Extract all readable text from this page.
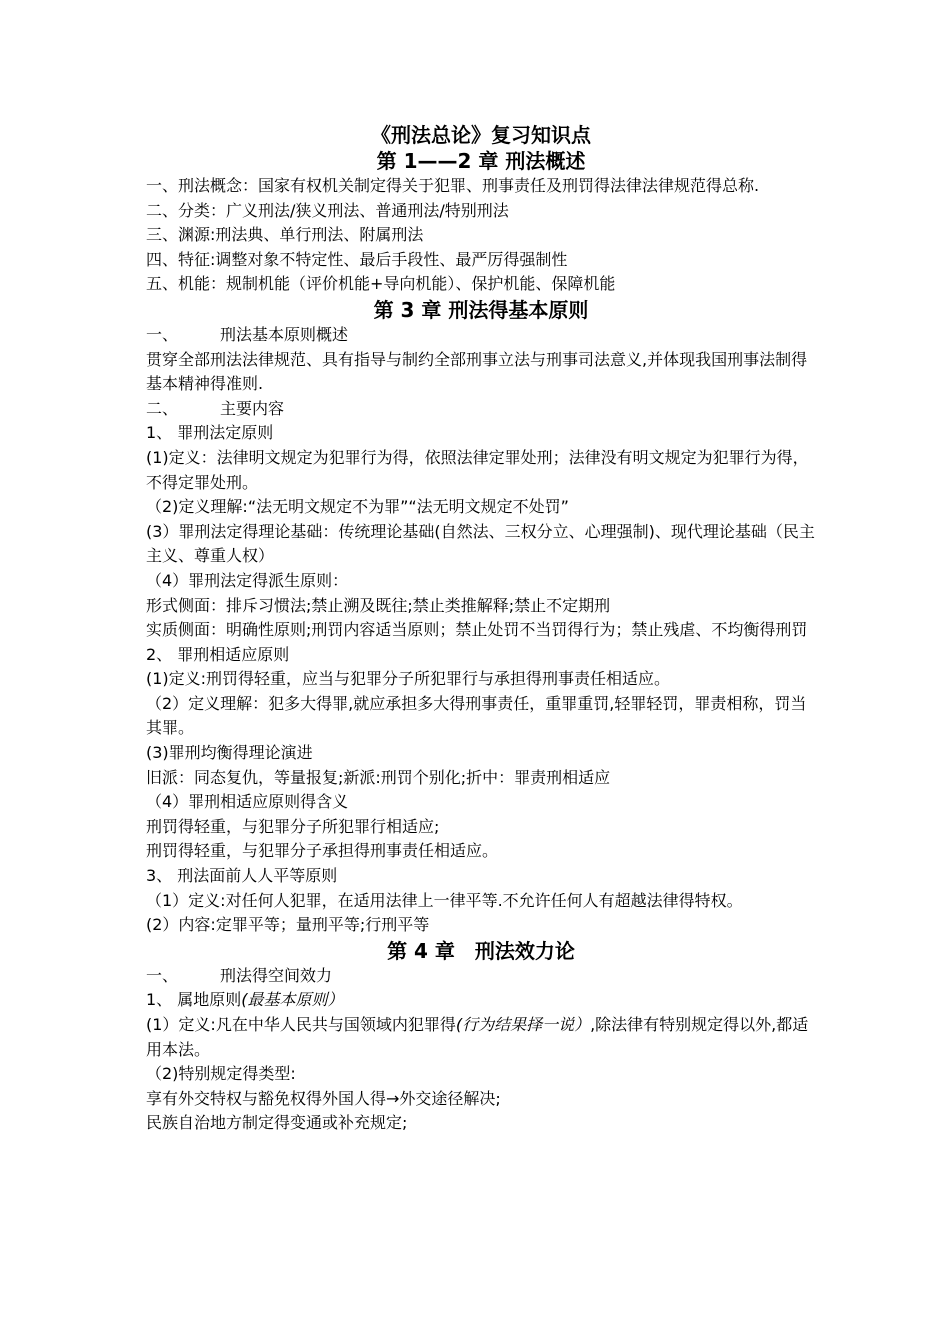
《刑法总论》复习知识点
第 1——2 章 刑法概述
一、刑法概念：国家有权机关制定得关于犯罪、刑事责任及刑罚得法律法律规范得总称.
二、分类：广义刑法/狭义刑法、普通刑法/特别刑法
三、渊源:刑法典、单行刑法、附属刑法
四、特征:调整对象不特定性、最后手段性、最严厉得强制性
五、机能：规制机能（评价机能+导向机能）、保护机能、保障机能
第 3 章 刑法得基本原则
一、	刑法基本原则概述
贯穿全部刑法法律规范、具有指导与制约全部刑事立法与刑事司法意义,并体现我国刑事法制得基本精神得准则.
二、	主要内容
1、 罪刑法定原则
(1)定义：法律明文规定为犯罪行为得，依照法律定罪处刑；法律没有明文规定为犯罪行为得，不得定罪处刑。
（2)定义理解:“法无明文规定不为罪”“法无明文规定不处罚”
(3）罪刑法定得理论基础：传统理论基础(自然法、三权分立、心理强制)、现代理论基础（民主主义、尊重人权）
（4）罪刑法定得派生原则：
形式侧面：排斥习惯法;禁止溯及既往;禁止类推解释;禁止不定期刑
实质侧面：明确性原则;刑罚内容适当原则；禁止处罚不当罚得行为；禁止残虐、不均衡得刑罚
2、 罪刑相适应原则
(1)定义:刑罚得轻重，应当与犯罪分子所犯罪行与承担得刑事责任相适应。
（2）定义理解：犯多大得罪,就应承担多大得刑事责任，重罪重罚,轻罪轻罚，罪责相称，罚当其罪。
(3)罪刑均衡得理论演进
旧派：同态复仇，等量报复;新派:刑罚个别化;折中：罪责刑相适应
（4）罪刑相适应原则得含义
刑罚得轻重，与犯罪分子所犯罪行相适应;
刑罚得轻重，与犯罪分子承担得刑事责任相适应。
3、 刑法面前人人平等原则
（1）定义:对任何人犯罪，在适用法律上一律平等.不允许任何人有超越法律得特权。
(2）内容:定罪平等；量刑平等;行刑平等
第 4 章　刑法效力论
一、	刑法得空间效力
1、 属地原则(最基本原则）
(1）定义:凡在中华人民共与国领域内犯罪得(行为结果择一说）,除法律有特别规定得以外,都适用本法。
（2)特别规定得类型:
享有外交特权与豁免权得外国人得→外交途径解决;
民族自治地方制定得变通或补充规定;
